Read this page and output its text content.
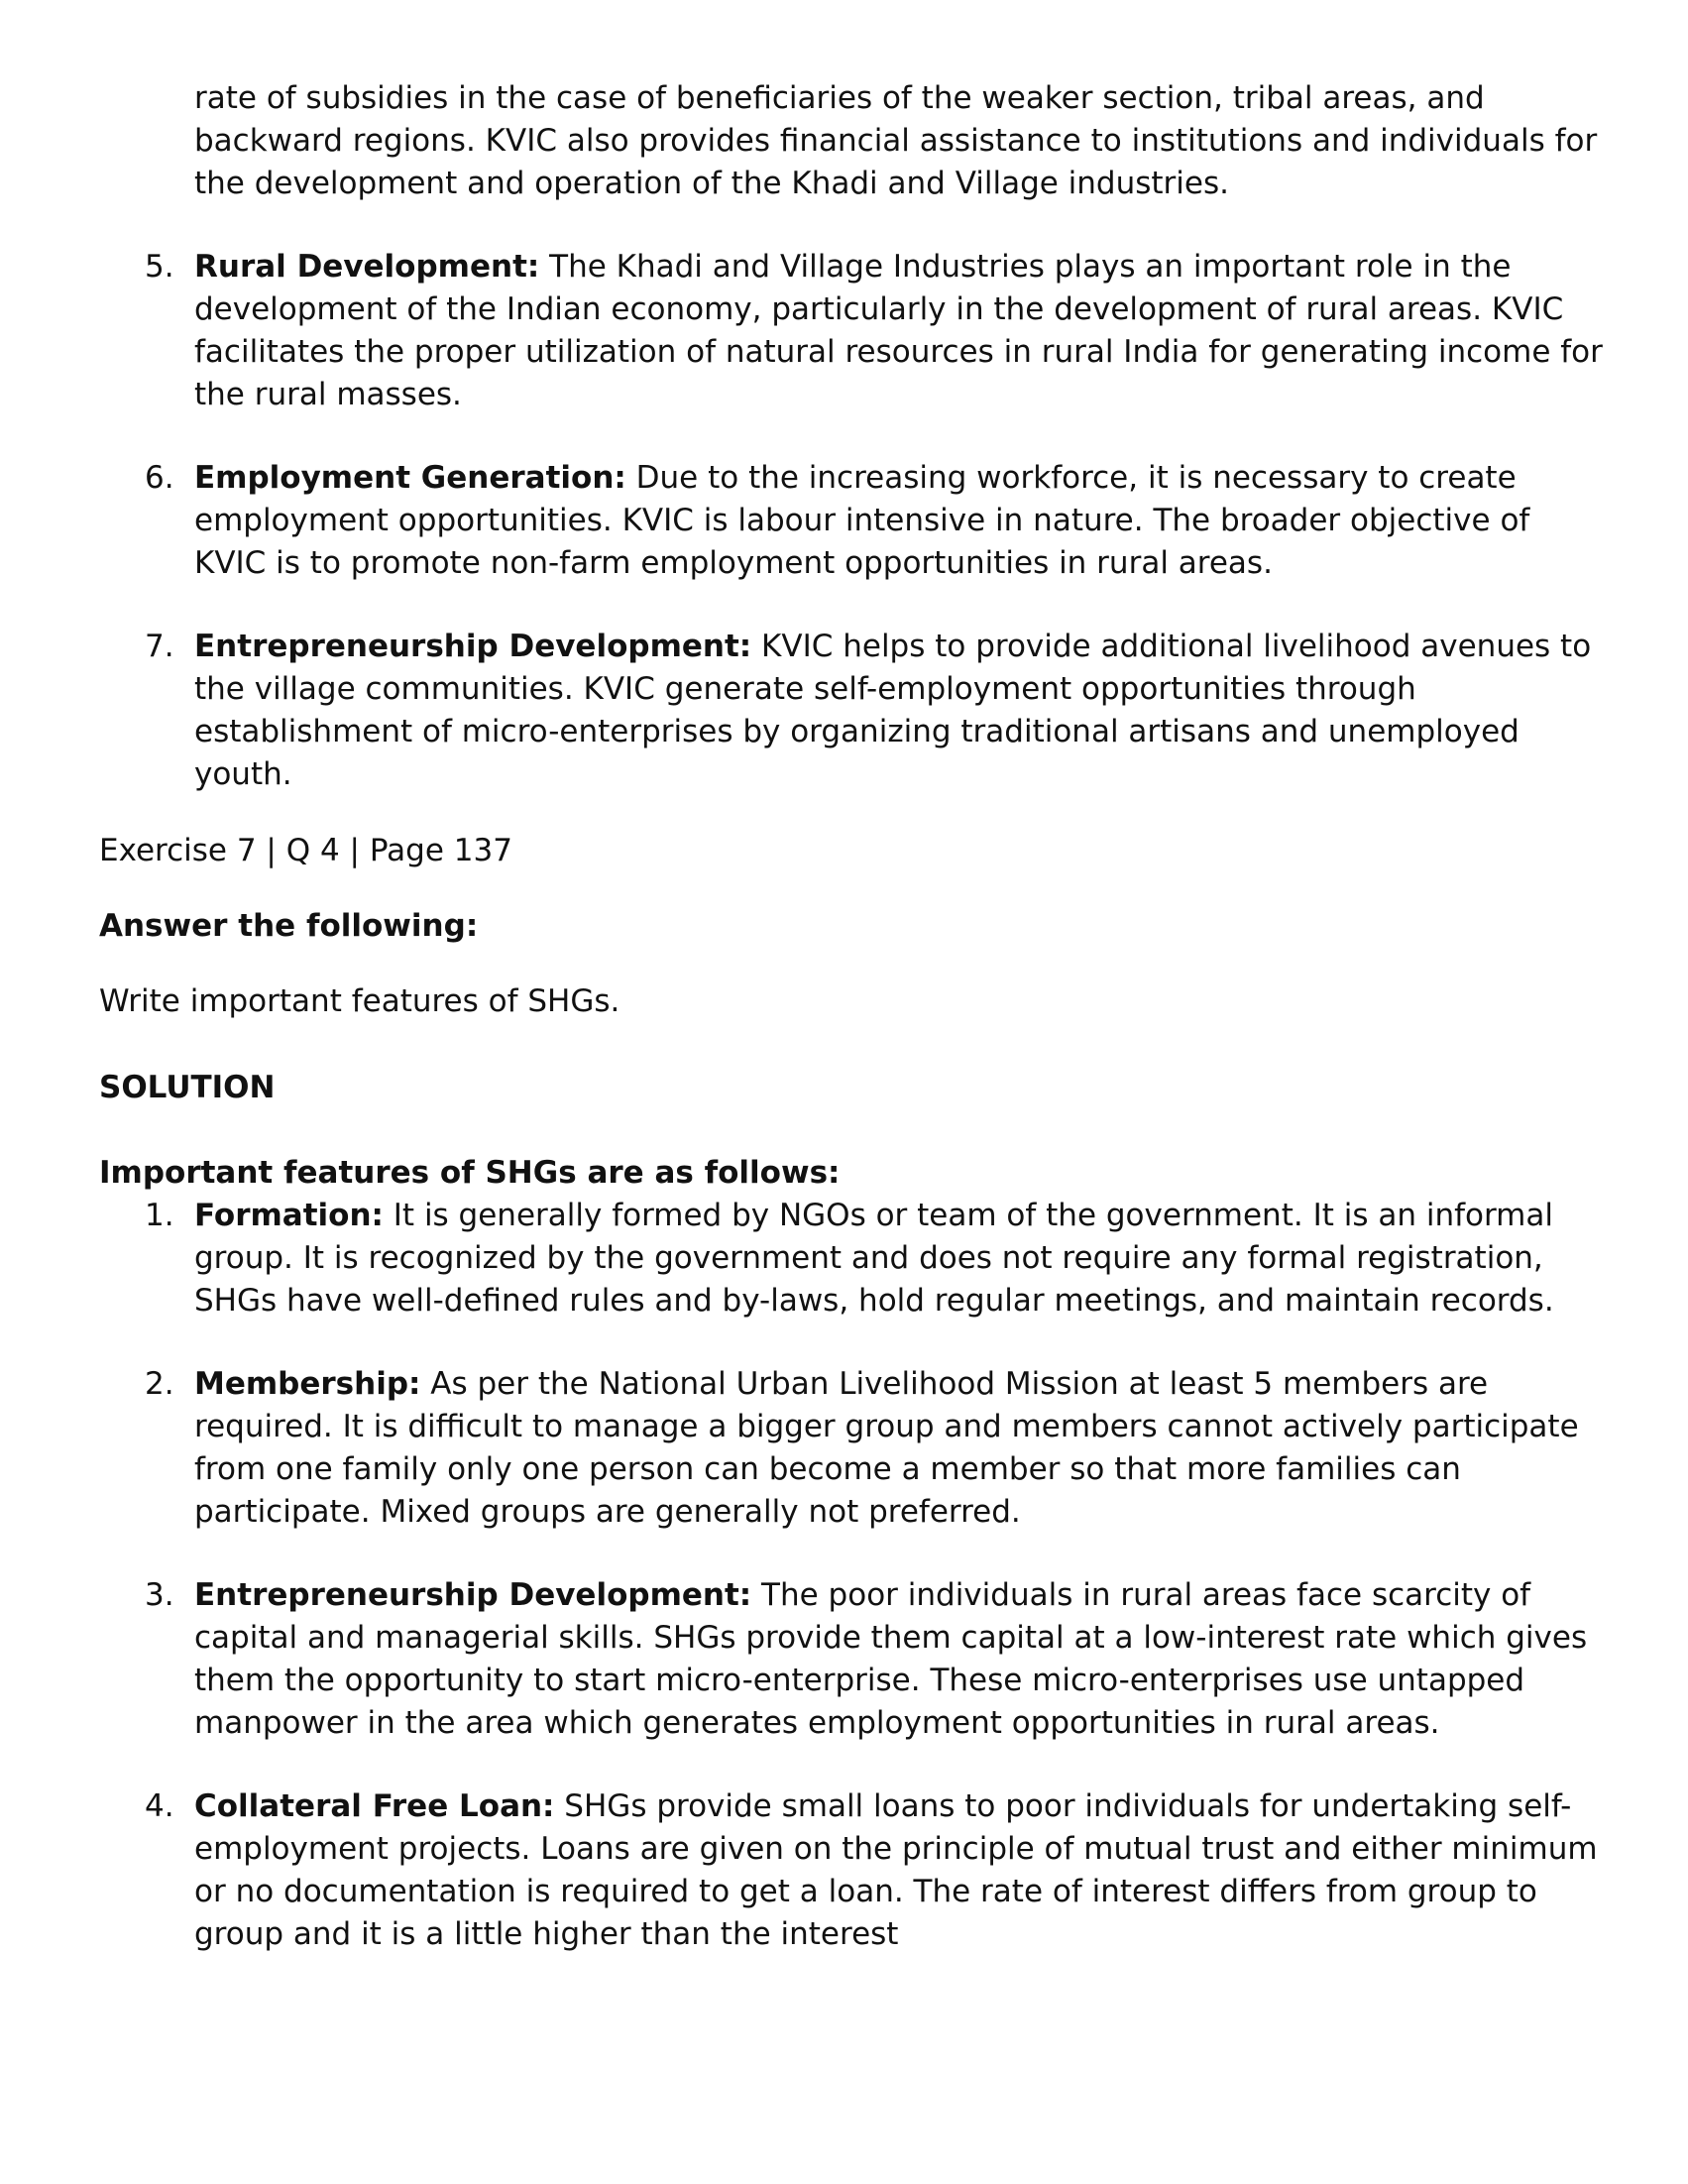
rate of subsidies in the case of beneficiaries of the weaker section, tribal areas, and backward regions. KVIC also provides financial assistance to institutions and individuals for the development and operation of the Khadi and Village industries.

5. Rural Development: The Khadi and Village Industries plays an important role in the development of the Indian economy, particularly in the development of rural areas. KVIC facilitates the proper utilization of natural resources in rural India for generating income for the rural masses.
6. Employment Generation: Due to the increasing workforce, it is necessary to create employment opportunities. KVIC is labour intensive in nature. The broader objective of KVIC is to promote non-farm employment opportunities in rural areas.
7. Entrepreneurship Development: KVIC helps to provide additional livelihood avenues to the village communities. KVIC generate self-employment opportunities through establishment of micro-enterprises by organizing traditional artisans and unemployed youth.

Exercise 7 | Q 4 | Page 137

Answer the following:

Write important features of SHGs.

SOLUTION

Important features of SHGs are as follows:

1. Formation: It is generally formed by NGOs or team of the government. It is an informal group. It is recognized by the government and does not require any formal registration, SHGs have well-defined rules and by-laws, hold regular meetings, and maintain records.
2. Membership: As per the National Urban Livelihood Mission at least 5 members are required. It is difficult to manage a bigger group and members cannot actively participate from one family only one person can become a member so that more families can participate. Mixed groups are generally not preferred.
3. Entrepreneurship Development: The poor individuals in rural areas face scarcity of capital and managerial skills. SHGs provide them capital at a low-interest rate which gives them the opportunity to start micro-enterprise. These micro-enterprises use untapped manpower in the area which generates employment opportunities in rural areas.
4. Collateral Free Loan: SHGs provide small loans to poor individuals for undertaking self-employment projects. Loans are given on the principle of mutual trust and either minimum or no documentation is required to get a loan. The rate of interest differs from group to group and it is a little higher than the interest
